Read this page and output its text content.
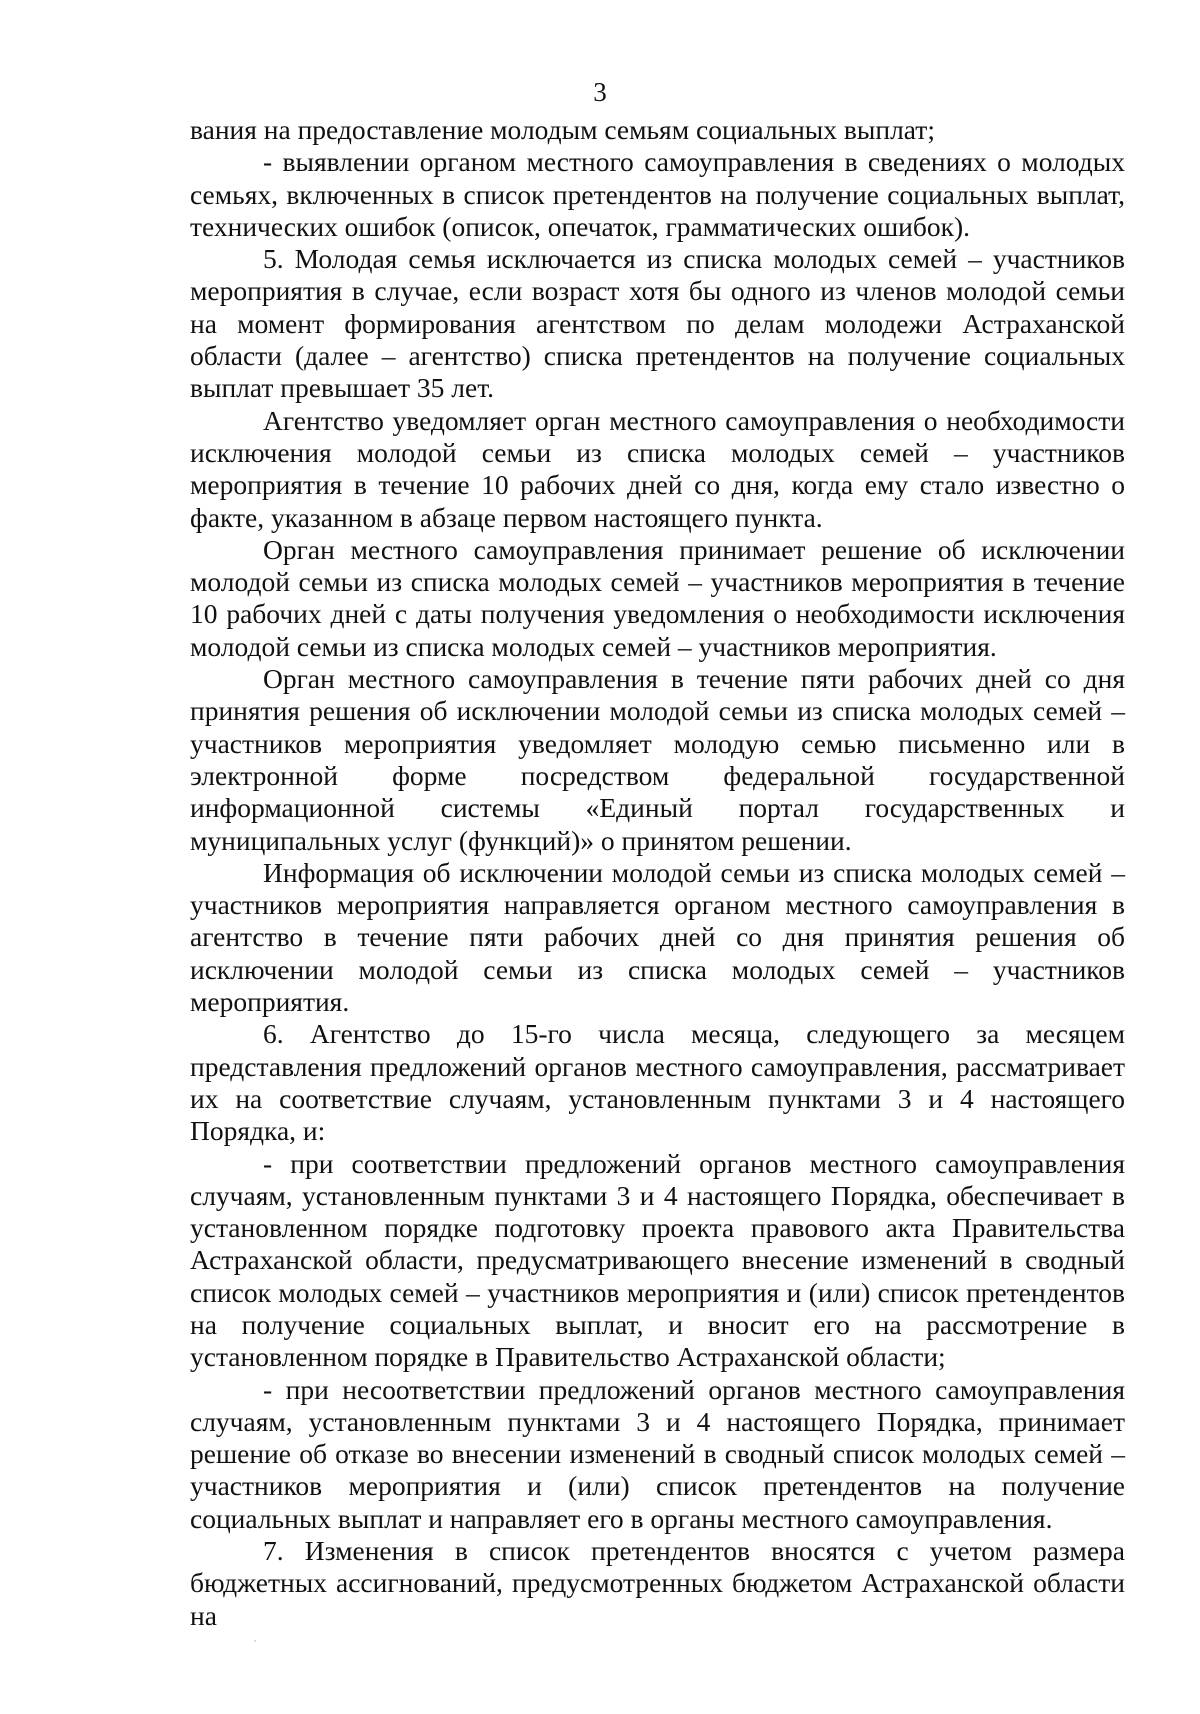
3

вания на предоставление молодым семьям социальных выплат;

- выявлении органом местного самоуправления в сведениях о молодых семьях, включенных в список претендентов на получение социальных выплат, технических ошибок (описок, опечаток, грамматических ошибок).

5. Молодая семья исключается из списка молодых семей – участников мероприятия в случае, если возраст хотя бы одного из членов молодой семьи на момент формирования агентством по делам молодежи Астраханской области (далее – агентство) списка претендентов на получение социальных выплат превышает 35 лет.

Агентство уведомляет орган местного самоуправления о необходимости исключения молодой семьи из списка молодых семей – участников мероприятия в течение 10 рабочих дней со дня, когда ему стало известно о факте, указанном в абзаце первом настоящего пункта.

Орган местного самоуправления принимает решение об исключении молодой семьи из списка молодых семей – участников мероприятия в течение 10 рабочих дней с даты получения уведомления о необходимости исключения молодой семьи из списка молодых семей – участников мероприятия.

Орган местного самоуправления в течение пяти рабочих дней со дня принятия решения об исключении молодой семьи из списка молодых семей – участников мероприятия уведомляет молодую семью письменно или в электронной форме посредством федеральной государственной информационной системы «Единый портал государственных и муниципальных услуг (функций)» о принятом решении.

Информация об исключении молодой семьи из списка молодых семей – участников мероприятия направляется органом местного самоуправления в агентство в течение пяти рабочих дней со дня принятия решения об исключении молодой семьи из списка молодых семей – участников мероприятия.

6. Агентство до 15-го числа месяца, следующего за месяцем представления предложений органов местного самоуправления, рассматривает их на соответствие случаям, установленным пунктами 3 и 4 настоящего Порядка, и:

- при соответствии предложений органов местного самоуправления случаям, установленным пунктами 3 и 4 настоящего Порядка, обеспечивает в установленном порядке подготовку проекта правового акта Правительства Астраханской области, предусматривающего внесение изменений в сводный список молодых семей – участников мероприятия и (или) список претендентов на получение социальных выплат, и вносит его на рассмотрение в установленном порядке в Правительство Астраханской области;

- при несоответствии предложений органов местного самоуправления случаям, установленным пунктами 3 и 4 настоящего Порядка, принимает решение об отказе во внесении изменений в сводный список молодых семей – участников мероприятия и (или) список претендентов на получение социальных выплат и направляет его в органы местного самоуправления.

7. Изменения в список претендентов вносятся с учетом размера бюджетных ассигнований, предусмотренных бюджетом Астраханской области на
